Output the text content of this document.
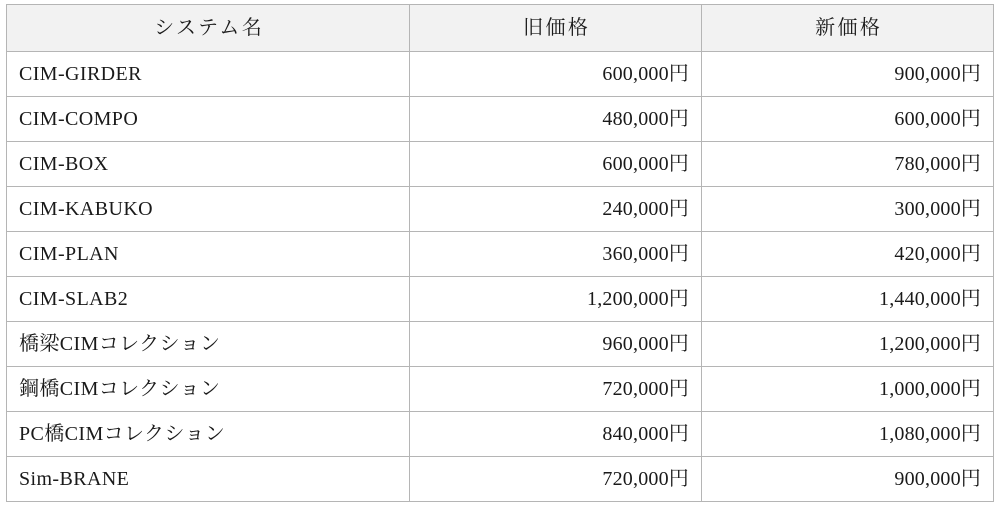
システム名	旧価格	新価格
CIM-GIRDER	600,000円	900,000円
CIM-COMPO	480,000円	600,000円
CIM-BOX	600,000円	780,000円
CIM-KABUKO	240,000円	300,000円
CIM-PLAN	360,000円	420,000円
CIM-SLAB2	1,200,000円	1,440,000円
橋梁CIMコレクション	960,000円	1,200,000円
鋼橋CIMコレクション	720,000円	1,000,000円
PC橋CIMコレクション	840,000円	1,080,000円
Sim-BRANE	720,000円	900,000円
